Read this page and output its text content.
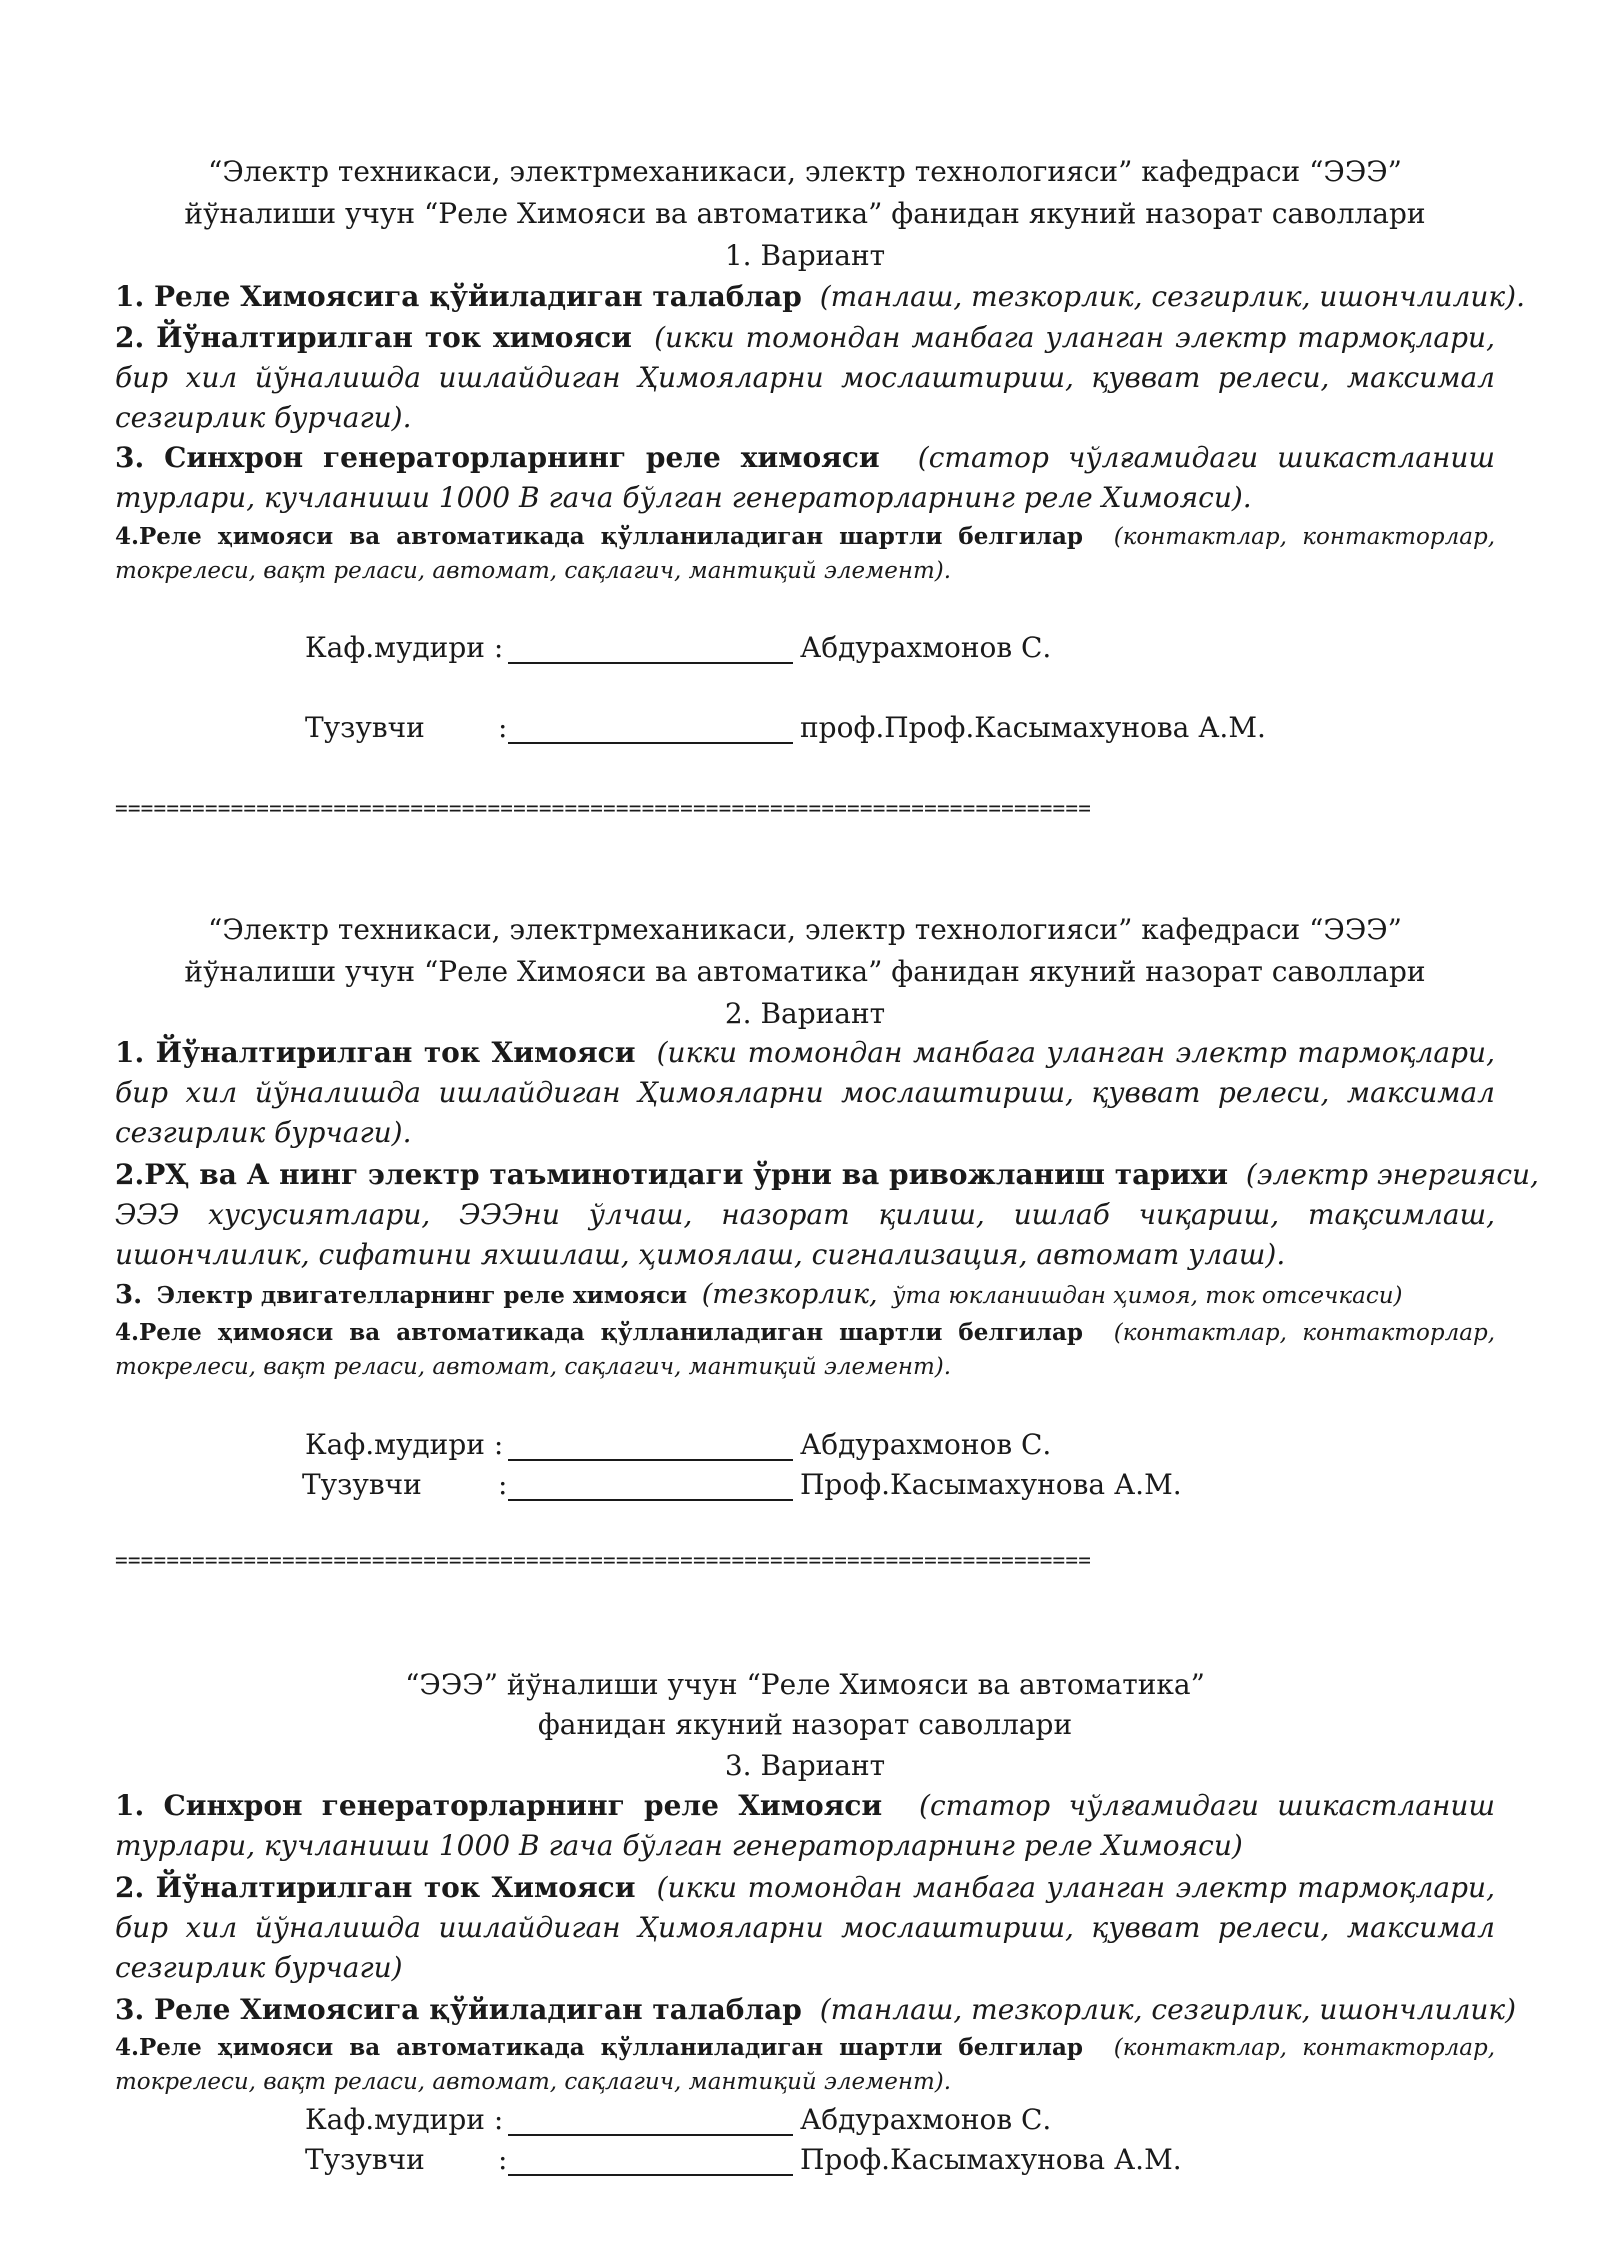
“Электр техникаси, электрмеханикаси, электр технологияси” кафедраси “ЭЭЭ”
йўналиши учун “Реле Химояси ва автоматика” фанидан якуний назорат саволлари
1. Вариант
1. Реле Химоясига қўйиладиган талаблар (танлаш, тезкорлик, сезгирлик, ишончлилик).
2. Йўналтирилган ток химояси (икки томондан манбага уланган электр тармоқлари,
бир хил йўналишда ишлайдиган Ҳимояларни мослаштириш, қувват релеси, максимал
сезгирлик бурчаги).
3. Синхрон генераторларнинг реле химояси (статор чўлғамидаги шикастланиш
турлари, кучланиши 1000 В гача бўлган генераторларнинг реле Химояси).
4.Реле ҳимояси ва автоматикада қўлланиладиган шартли белгилар (контактлар, контакторлар,
токрелеси, вақт реласи, автомат, сақлагич, мантиқий элемент).
Каф.мудири :	Абдурахмонов С.
Тузувчи	:	проф.Проф.Касымахунова А.М.
============================================================================
“Электр техникаси, электрмеханикаси, электр технологияси” кафедраси “ЭЭЭ”
йўналиши учун “Реле Химояси ва автоматика” фанидан якуний назорат саволлари
2. Вариант
1. Йўналтирилган ток Химояси (икки томондан манбага уланган электр тармоқлари,
бир хил йўналишда ишлайдиган Ҳимояларни мослаштириш, қувват релеси, максимал
сезгирлик бурчаги).
2.РҲ ва А нинг электр таъминотидаги ўрни ва ривожланиш тарихи (электр энергияси,
ЭЭЭ хусусиятлари, ЭЭЭни ўлчаш, назорат қилиш, ишлаб чиқариш, тақсимлаш,
ишончлилик, сифатини яхшилаш, ҳимоялаш, сигнализация, автомат улаш).
3. Электр двигателларнинг реле химояси (тезкорлик, ўта юкланишдан ҳимоя, ток отсечкаси)
4.Реле ҳимояси ва автоматикада қўлланиладиган шартли белгилар (контактлар, контакторлар,
токрелеси, вақт реласи, автомат, сақлагич, мантиқий элемент).
Каф.мудири :	Абдурахмонов С.
Тузувчи	:	Проф.Касымахунова А.М.
============================================================================
“ЭЭЭ” йўналиши учун “Реле Химояси ва автоматика”
фанидан якуний назорат саволлари
3. Вариант
1. Синхрон генераторларнинг реле Химояси (статор чўлғамидаги шикастланиш
турлари, кучланиши 1000 В гача бўлган генераторларнинг реле Химояси)
2. Йўналтирилган ток Химояси (икки томондан манбага уланган электр тармоқлари,
бир хил йўналишда ишлайдиган Ҳимояларни мослаштириш, қувват релеси, максимал
сезгирлик бурчаги)
3. Реле Химоясига қўйиладиган талаблар (танлаш, тезкорлик, сезгирлик, ишончлилик)
4.Реле ҳимояси ва автоматикада қўлланиладиган шартли белгилар (контактлар, контакторлар,
токрелеси, вақт реласи, автомат, сақлагич, мантиқий элемент).
Каф.мудири :	Абдурахмонов С.
Тузувчи	:	Проф.Касымахунова А.М.
